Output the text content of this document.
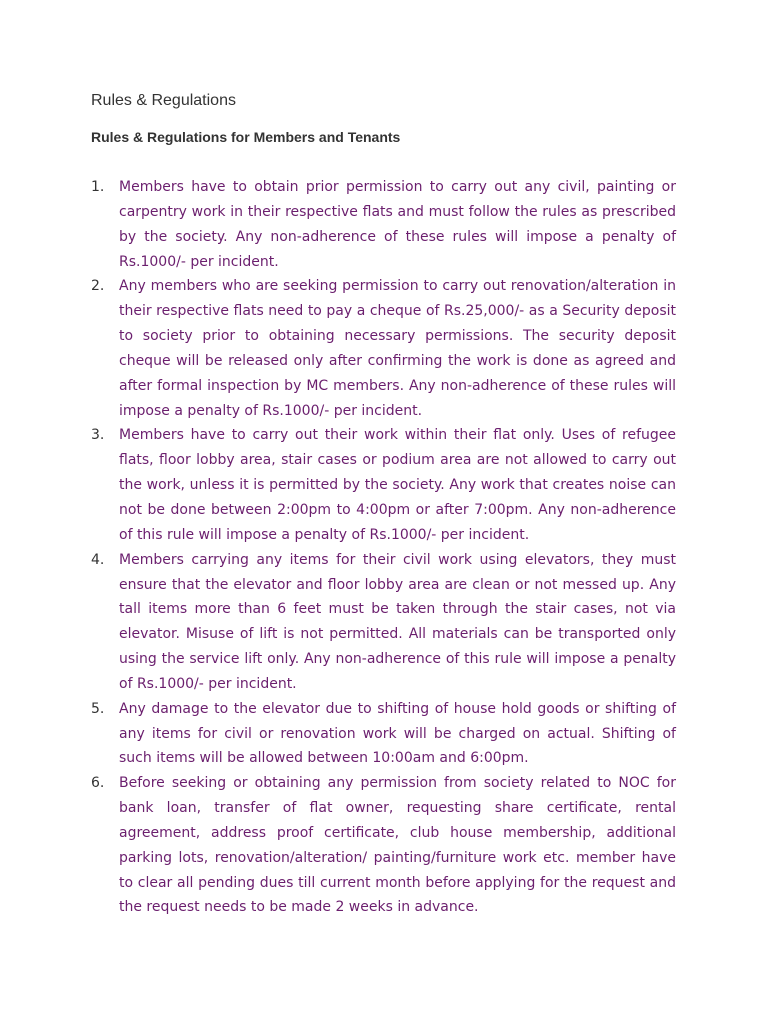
Rules & Regulations
Rules & Regulations for Members and Tenants
1. Members have to obtain prior permission to carry out any civil, painting or carpentry work in their respective flats and must follow the rules as prescribed by the society. Any non-adherence of these rules will impose a penalty of Rs.1000/- per incident.
2. Any members who are seeking permission to carry out renovation/alteration in their respective flats need to pay a cheque of Rs.25,000/- as a Security deposit to society prior to obtaining necessary permissions. The security deposit cheque will be released only after confirming the work is done as agreed and after formal inspection by MC members. Any non-adherence of these rules will impose a penalty of Rs.1000/- per incident.
3. Members have to carry out their work within their flat only. Uses of refugee flats, floor lobby area, stair cases or podium area are not allowed to carry out the work, unless it is permitted by the society. Any work that creates noise can not be done between 2:00pm to 4:00pm or after 7:00pm. Any non-adherence of this rule will impose a penalty of Rs.1000/- per incident.
4. Members carrying any items for their civil work using elevators, they must ensure that the elevator and floor lobby area are clean or not messed up. Any tall items more than 6 feet must be taken through the stair cases, not via elevator. Misuse of lift is not permitted. All materials can be transported only using the service lift only. Any non-adherence of this rule will impose a penalty of Rs.1000/- per incident.
5. Any damage to the elevator due to shifting of house hold goods or shifting of any items for civil or renovation work will be charged on actual. Shifting of such items will be allowed between 10:00am and 6:00pm.
6. Before seeking or obtaining any permission from society related to NOC for bank loan, transfer of flat owner, requesting share certificate, rental agreement, address proof certificate, club house membership, additional parking lots, renovation/alteration/ painting/furniture work etc. member have to clear all pending dues till current month before applying for the request and the request needs to be made 2 weeks in advance.
